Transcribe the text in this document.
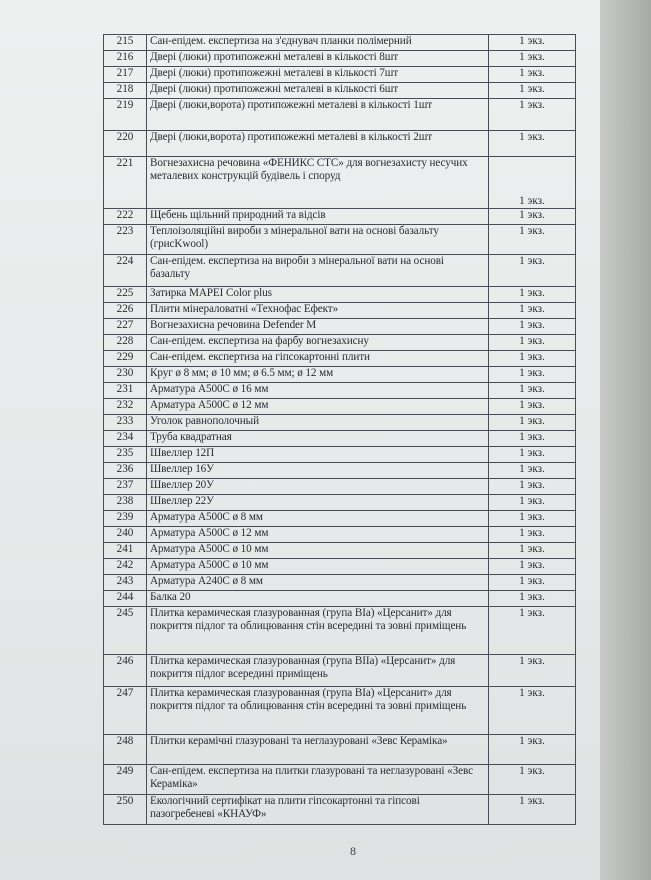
215	Сан-епідем. експертиза на з'єднувач планки полімерний	1 экз.
216	Двері (люки) протипожежні металеві в кількості 8шт	1 экз.
217	Двері (люки) протипожежні металеві в кількості 7шт	1 экз.
218	Двері (люки) протипожежні металеві в кількості 6шт	1 экз.
219	Двері (люки,ворота) протипожежні металеві в кількості 1шт	1 экз.
220	Двері (люки,ворота) протипожежні металеві в кількості 2шт	1 экз.
221	Вогнезахисна речовина «ФЕНИКС СТС» для вогнезахисту несучих металевих конструкцій будівель і споруд	1 экз.
222	Щебень щільний природний та відсів	1 экз.
223	Теплоізоляційні вироби з мінеральної вати на основі базальту (грисKwool)	1 экз.
224	Сан-епідем. експертиза на вироби з мінеральної вати на основі базальту	1 экз.
225	Затирка MAPEI Color plus	1 экз.
226	Плити мінераловатні «Технофас Ефект»	1 экз.
227	Вогнезахисна речовина Defender M	1 экз.
228	Сан-епідем. експертиза на фарбу вогнезахисну	1 экз.
229	Сан-епідем. експертиза на гіпсокартонні плити	1 экз.
230	Круг ø 8 мм; ø 10 мм; ø 6.5 мм; ø 12 мм	1 экз.
231	Арматура А500С ø 16 мм	1 экз.
232	Арматура А500С ø 12 мм	1 экз.
233	Уголок равнополочный	1 экз.
234	Труба квадратная	1 экз.
235	Швеллер 12П	1 экз.
236	Швеллер 16У	1 экз.
237	Швеллер 20У	1 экз.
238	Швеллер 22У	1 экз.
239	Арматура А500С ø 8 мм	1 экз.
240	Арматура А500С ø 12 мм	1 экз.
241	Арматура А500С ø 10 мм	1 экз.
242	Арматура А500С ø 10 мм	1 экз.
243	Арматура А240С ø 8 мм	1 экз.
244	Балка 20	1 экз.
245	Плитка керамическая глазурованная (група BIa) «Церсанит» для покриття підлог та облицювання стін всередині та зовні приміщень	1 экз.
246	Плитка керамическая глазурованная (група BIIa) «Церсанит» для покриття підлог всередині приміщень	1 экз.
247	Плитка керамическая глазурованная (група BIa) «Церсанит» для покриття підлог та облицювання стін всередині та зовні приміщень	1 экз.
248	Плитки керамічні глазуровані та неглазуровані «Зевс Кераміка»	1 экз.
249	Сан-епідем. експертиза на плитки глазуровані та неглазуровані «Зевс Кераміка»	1 экз.
250	Екологічний сертифікат на плити гіпсокартонні та гіпсові пазогребеневі «КНАУФ»	1 экз.
8
